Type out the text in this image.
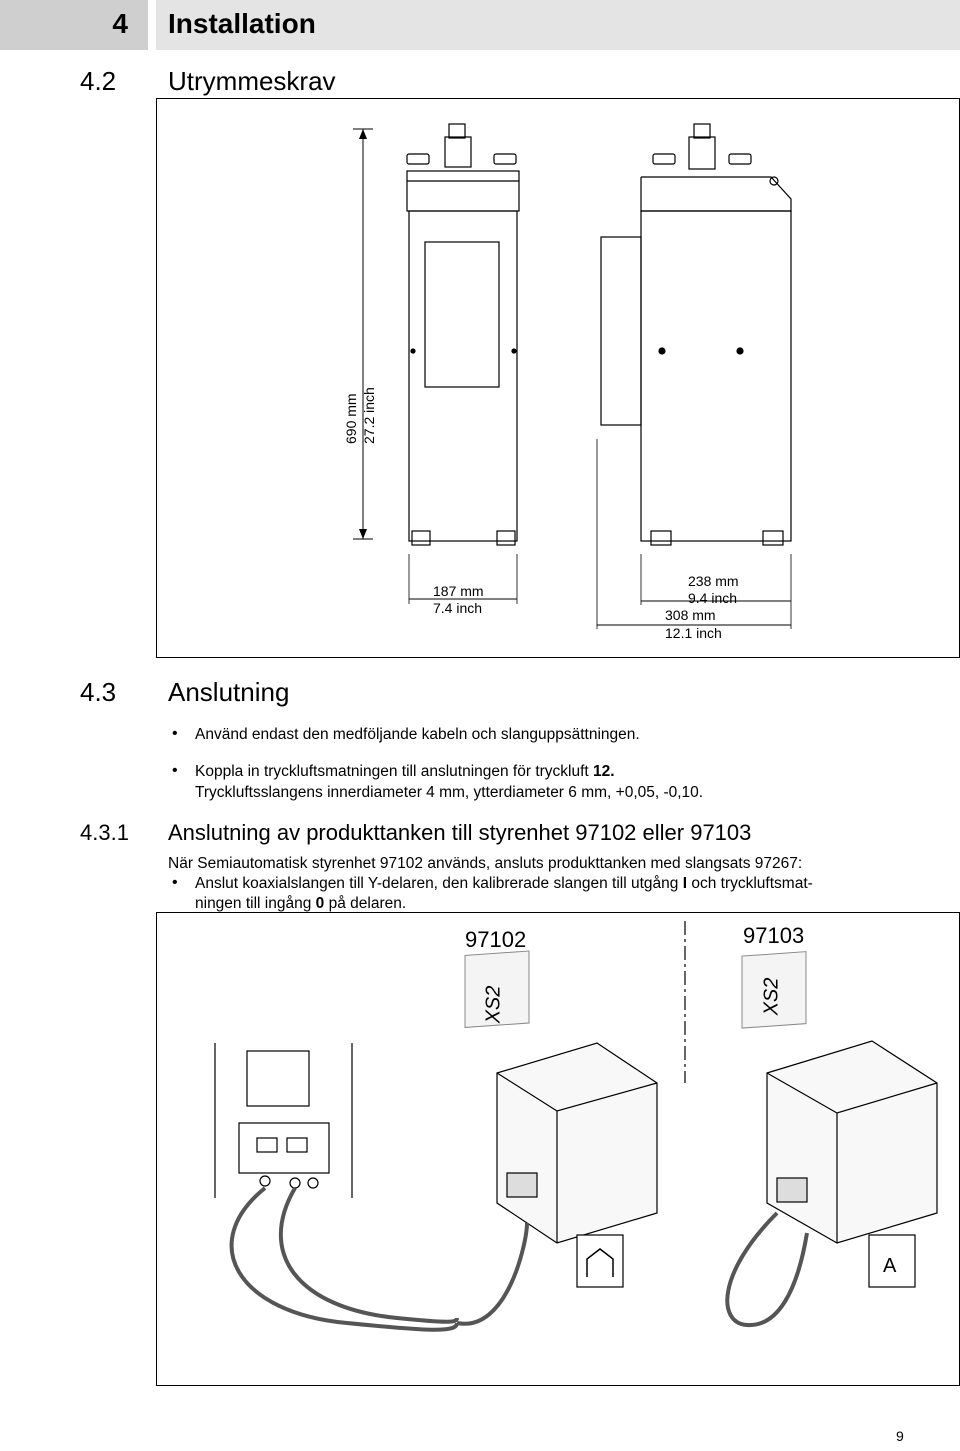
4 Installation
4.2 Utrymmeskrav
690 mm 27.2 inch
187 mm
7.4 inch
238 mm
9.4 inch
308 mm
12.1 inch
4.3 Anslutning
• Använd endast den medföljande kabeln och slanguppsättningen.
• Koppla in tryckluftsmatningen till anslutningen för tryckluft 12.
Tryckluftsslangens innerdiameter 4 mm, ytterdiameter 6 mm, +0,05, -0,10.
4.3.1 Anslutning av produkttanken till styrenhet 97102 eller 97103
När Semiautomatisk styrenhet 97102 används, ansluts produkttanken med slangsats 97267:
• Anslut koaxialslangen till Y-delaren, den kalibrerade slangen till utgång I och tryckluftsmat-
ningen till ingång 0 på delaren.
97102	97103
XS2	XS2
A
9
